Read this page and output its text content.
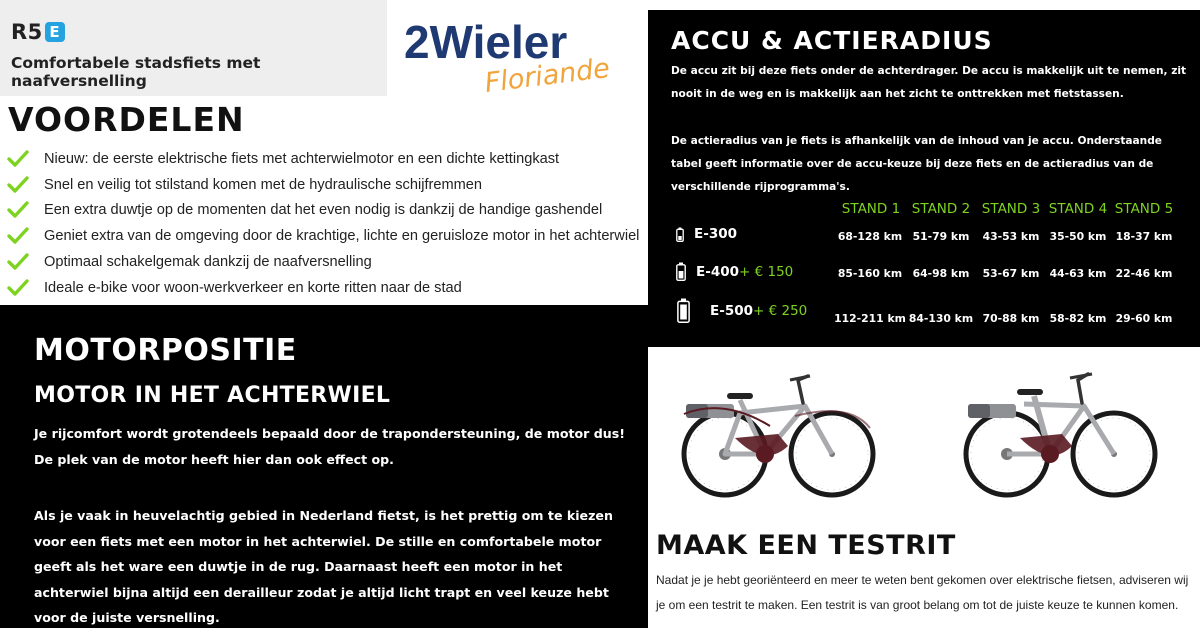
R5 E
Comfortabele stadsfiets met naafversnelling
2Wieler
Floriande
VOORDELEN
Nieuw: de eerste elektrische fiets met achterwielmotor en een dichte kettingkast
Snel en veilig tot stilstand komen met de hydraulische schijfremmen
Een extra duwtje op de momenten dat het even nodig is dankzij de handige gashendel
Geniet extra van de omgeving door de krachtige, lichte en geruisloze motor in het achterwiel
Optimaal schakelgemak dankzij de naafversnelling
Ideale e-bike voor woon-werkverkeer en korte ritten naar de stad
MOTORPOSITIE
MOTOR IN HET ACHTERWIEL

Je rijcomfort wordt grotendeels bepaald door de trapondersteuning, de motor dus! De plek van de motor heeft hier dan ook effect op.

Als je vaak in heuvelachtig gebied in Nederland fietst, is het prettig om te kiezen voor een fiets met een motor in het achterwiel. De stille en comfortabele motor geeft als het ware een duwtje in de rug. Daarnaast heeft een motor in het achterwiel bijna altijd een derailleur zodat je altijd licht trapt en veel keuze hebt voor de juiste versnelling.

ACCU & ACTIERADIUS

De accu zit bij deze fiets onder de achterdrager. De accu is makkelijk uit te nemen, zit nooit in de weg en is makkelijk aan het zicht te onttrekken met fietstassen.

De actieradius van je fiets is afhankelijk van de inhoud van je accu. Onderstaande tabel geeft informatie over de accu-keuze bij deze fiets en de actieradius van de verschillende rijprogramma's.

STAND 1 STAND 2 STAND 3 STAND 4 STAND 5
E-300	68-128 km 51-79 km	43-53 km 35-50 km 18-37 km
E-400 + € 150	85-160 km 64-98 km	53-67 km 44-63 km 22-46 km
E-500 + € 250 112-211 km 84-130 km 70-88 km 58-82 km 29-60 km
MAAK EEN TESTRIT

Nadat je je hebt georiënteerd en meer te weten bent gekomen over elektrische fietsen, adviseren wij je om een testrit te maken. Een testrit is van groot belang om tot de juiste keuze te kunnen komen.
